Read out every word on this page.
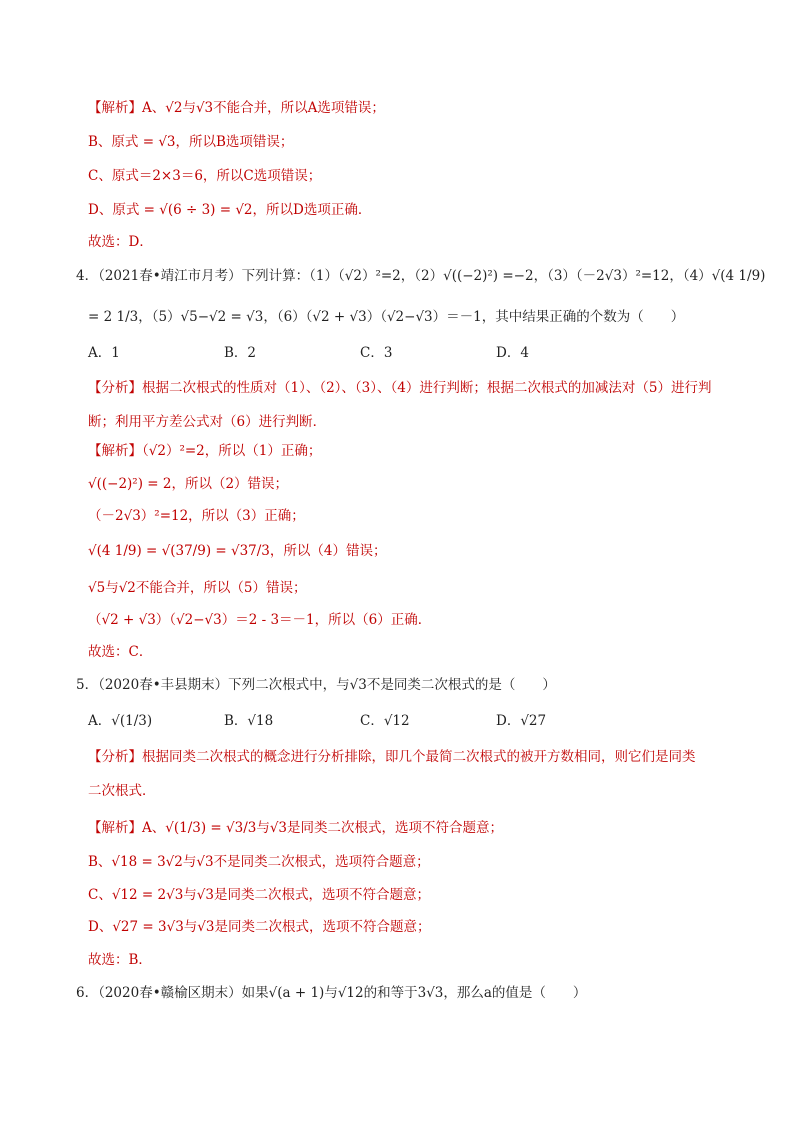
【解析】A、√2与√3不能合并，所以A选项错误；
B、原式 = √3，所以B选项错误；
C、原式＝2×3＝6，所以C选项错误；
D、原式 = √(6 ÷ 3) = √2，所以D选项正确．
故选：D．
4．（2021春•靖江市月考）下列计算：（1）（√2）²=2，（2）√((−2)²) =−2，（3）（－2√3）²=12，（4）√(4 1/9)
= 2 1/3，（5）√5−√2 = √3，（6）（√2 + √3）（√2−√3）＝－1，其中结果正确的个数为（　　）
A．1	B．2	C．3	D．4
【分析】根据二次根式的性质对（1）、（2）、（3）、（4）进行判断；根据二次根式的加减法对（5）进行判
断；利用平方差公式对（6）进行判断．
【解析】（√2）²=2，所以（1）正确；
√((−2)²) = 2，所以（2）错误；
（－2√3）²=12，所以（3）正确；
√(4 1/9) = √(37/9) = √37/3，所以（4）错误；
√5与√2不能合并，所以（5）错误；
（√2 + √3）（√2−√3）＝2 - 3＝－1，所以（6）正确．
故选：C．
5．（2020春•丰县期末）下列二次根式中，与√3不是同类二次根式的是（　　）
A．√(1/3)	B．√18	C．√12	D．√27
【分析】根据同类二次根式的概念进行分析排除，即几个最简二次根式的被开方数相同，则它们是同类
二次根式．
【解析】A、√(1/3) = √3/3与√3是同类二次根式，选项不符合题意；
B、√18 = 3√2与√3不是同类二次根式，选项符合题意；
C、√12 = 2√3与√3是同类二次根式，选项不符合题意；
D、√27 = 3√3与√3是同类二次根式，选项不符合题意；
故选：B．
6．（2020春•赣榆区期末）如果√(a + 1)与√12的和等于3√3，那么a的值是（　　）
